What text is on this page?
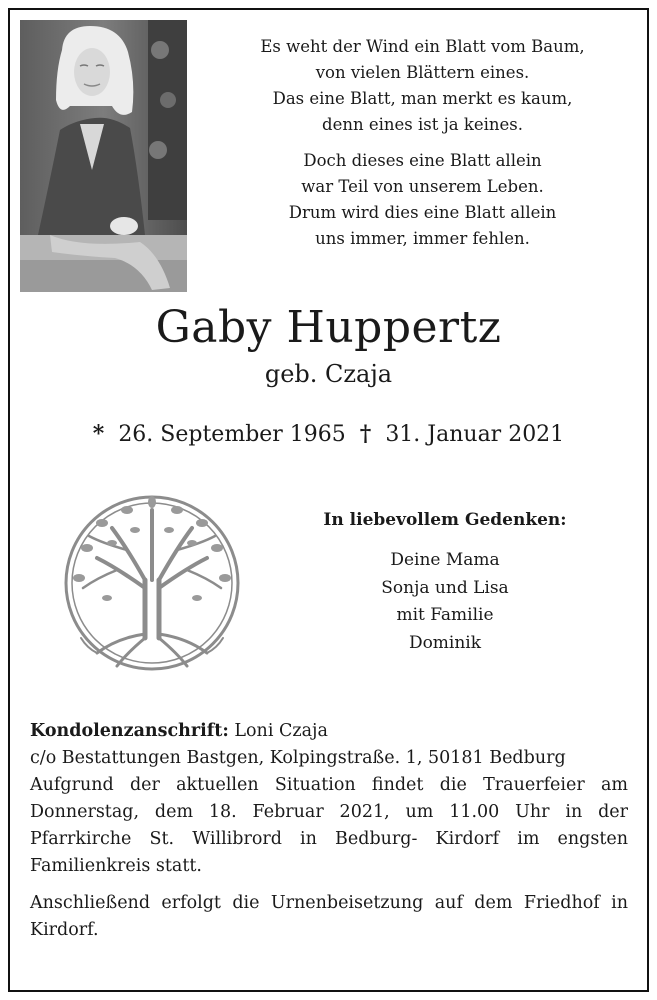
Es weht der Wind ein Blatt vom Baum,
von vielen Blättern eines.
Das eine Blatt, man merkt es kaum,
denn eines ist ja keines.
Doch dieses eine Blatt allein
war Teil von unserem Leben.
Drum wird dies eine Blatt allein
uns immer, immer fehlen.
Gaby Huppertz
geb. Czaja
* 26. September 1965 † 31. Januar 2021
In liebevollem Gedenken:
Deine Mama
Sonja und Lisa
mit Familie
Dominik
Kondolenzanschrift: Loni Czaja
c/o Bestattungen Bastgen, Kolpingstraße. 1, 50181 Bedburg

Aufgrund der aktuellen Situation findet die Trauerfeier am Donnerstag, dem 18. Februar 2021, um 11.00 Uhr in der Pfarrkirche St. Willibrord in Bedburg- Kirdorf im engsten Familienkreis statt.

Anschließend erfolgt die Urnenbeisetzung auf dem Friedhof in Kirdorf.
